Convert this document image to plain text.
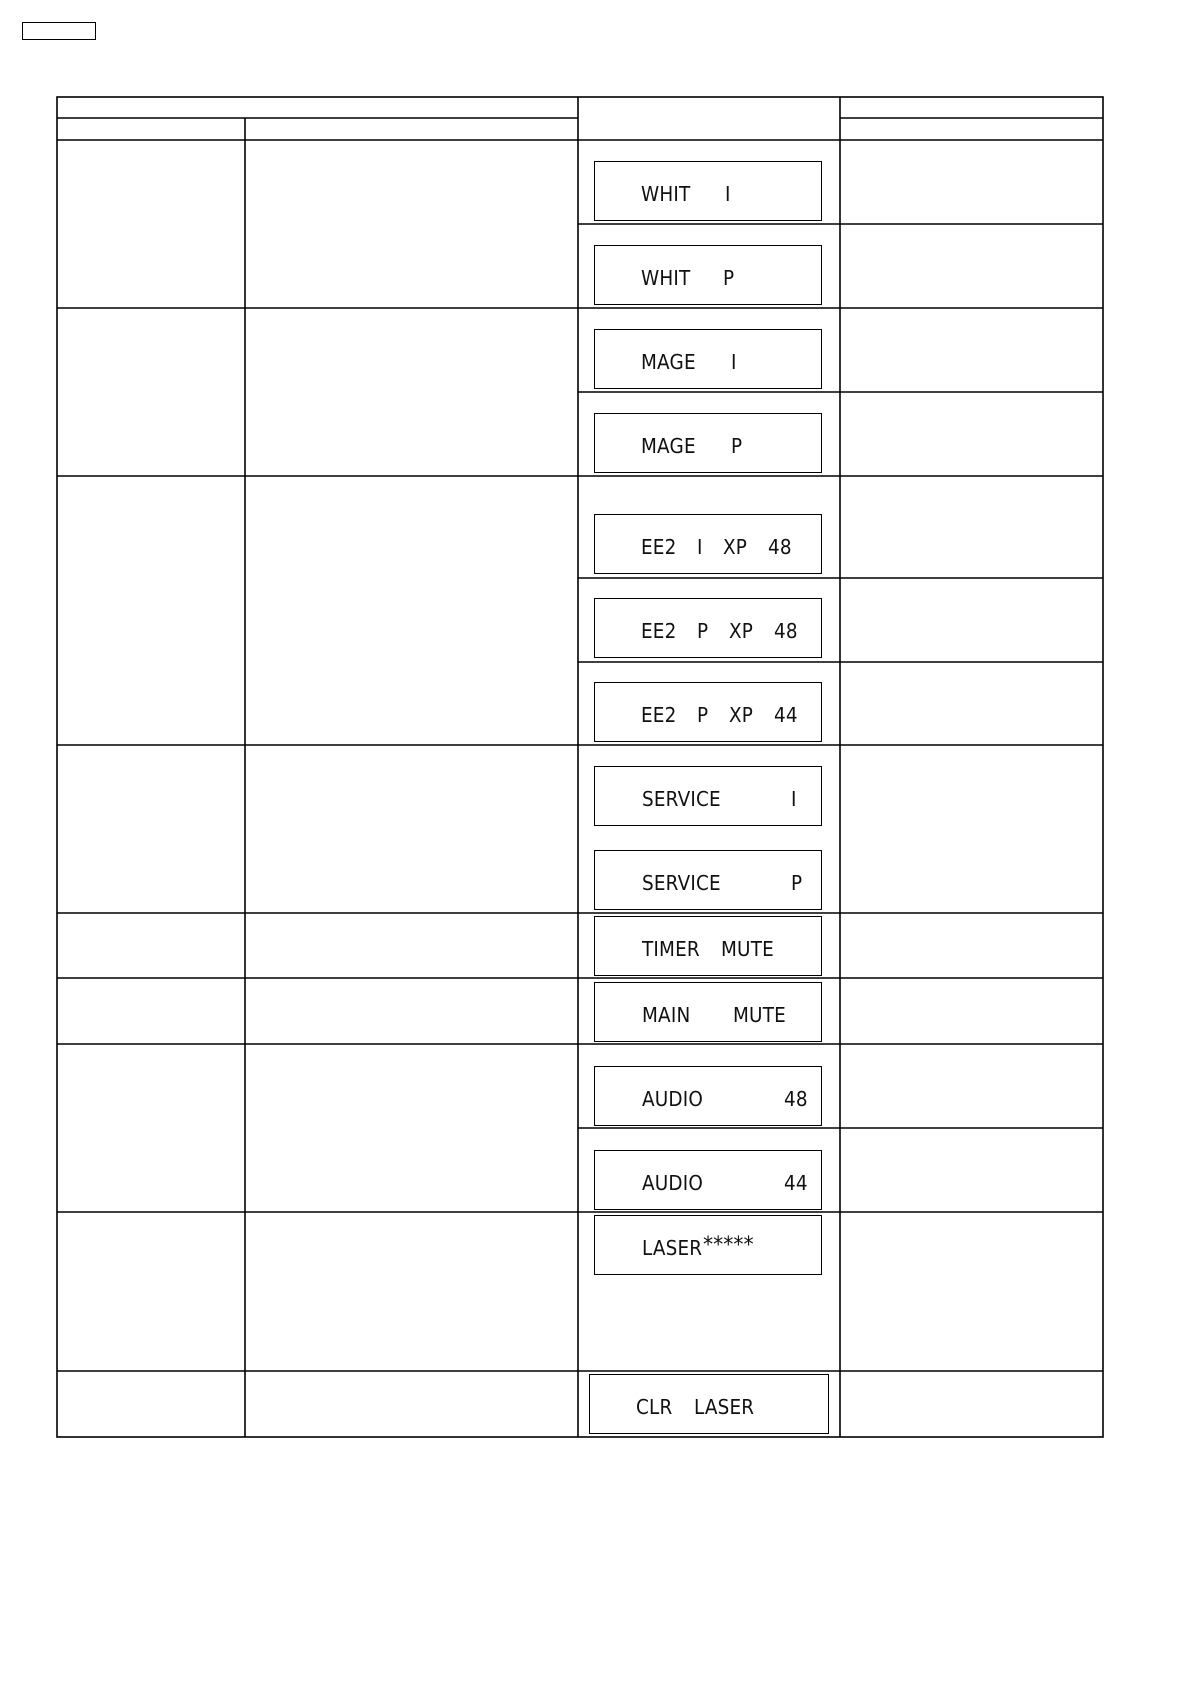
WHIT I
WHIT P
MAGE I
MAGE P
EE2 I XP 48
EE2 P XP 48
EE2 P XP 44
SERVICE	I
SERVICE	P
TIMER MUTE
MAIN MUTE
AUDIO	48
AUDIO	44
LASER *****
CLR LASER
